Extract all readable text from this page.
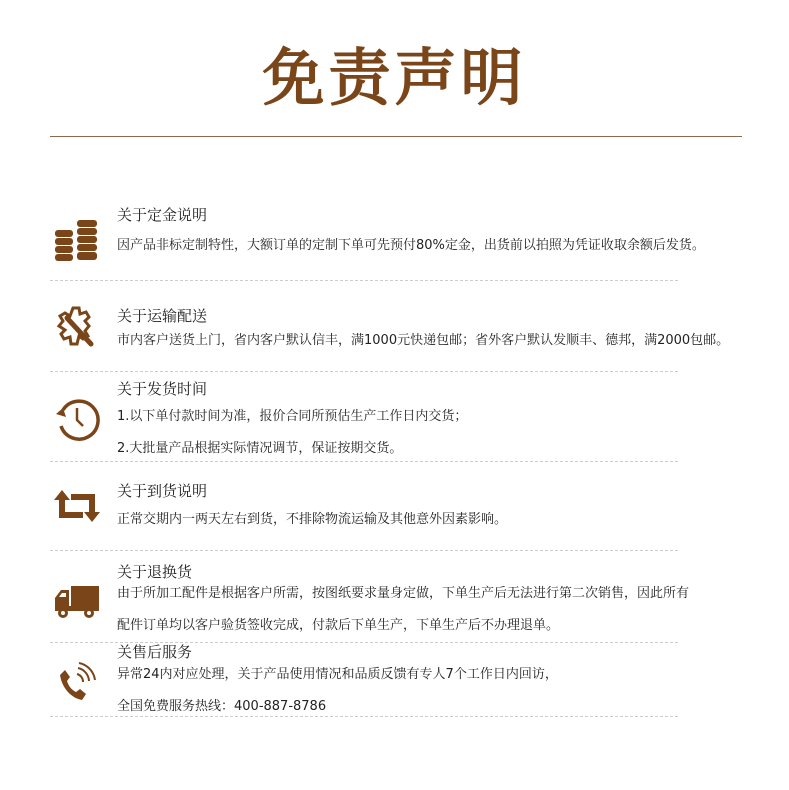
免责声明
关于定金说明
因产品非标定制特性，大额订单的定制下单可先预付80%定金，出货前以拍照为凭证收取余额后发货。
关于运输配送
市内客户送货上门，省内客户默认信丰，满1000元快递包邮；省外客户默认发顺丰、德邦，满2000包邮。
关于发货时间
1.以下单付款时间为准，报价合同所预估生产工作日内交货；
2.大批量产品根据实际情况调节，保证按期交货。
关于到货说明
正常交期内一两天左右到货，不排除物流运输及其他意外因素影响。
关于退换货
由于所加工配件是根据客户所需，按图纸要求量身定做，下单生产后无法进行第二次销售，因此所有
配件订单均以客户验货签收完成，付款后下单生产，下单生产后不办理退单。
关售后服务
异常24内对应处理，关于产品使用情况和品质反馈有专人7个工作日内回访，
全国免费服务热线：400-887-8786
